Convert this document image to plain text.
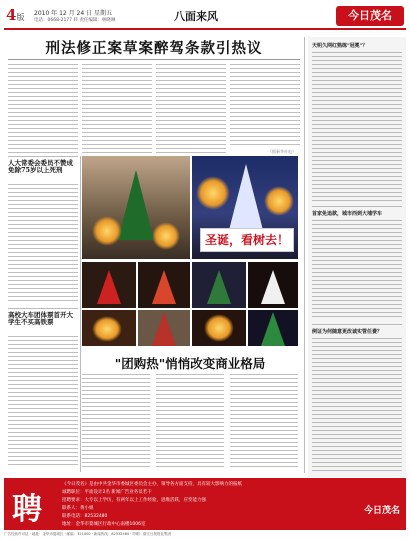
4版 2010 年 12 月 24 日 星期五
电话：0668-2177 转 责任编辑：林晓琳	八面来风	今日茂名
刑法修正案草案醉驾条款引热议
（据新华社电）
人大常委会委员不赞成免除75岁以上死刑
高校大车团体票首开大学生不买高铁票
圣诞，看树去！
"团购热"悄悄改变商业格局
天明久网红熟练"冠冕"？
首家免追款，城市西到大埔学车
例证为何随意更改诚实管任费？
聘
《今日茂名》是由中共金华市委城区委员会主办，领导各方面支持，具有较大影响力的报纸
诚聘职位：平面设计2名 新闻广告业务员若干
招聘要求：大专以上学历，有两年以上工作经验，思维活跃，应变能力强
联系人：黄小姐
联系电话：82532480
地址：金华市婺城区行政中心南楼1006室
今日茂名
广告经营许可证 · 地址：金华市婺城区 · 邮编：321000 · 新闻热线：82532480 · 印刷：浙江日报报业集团
